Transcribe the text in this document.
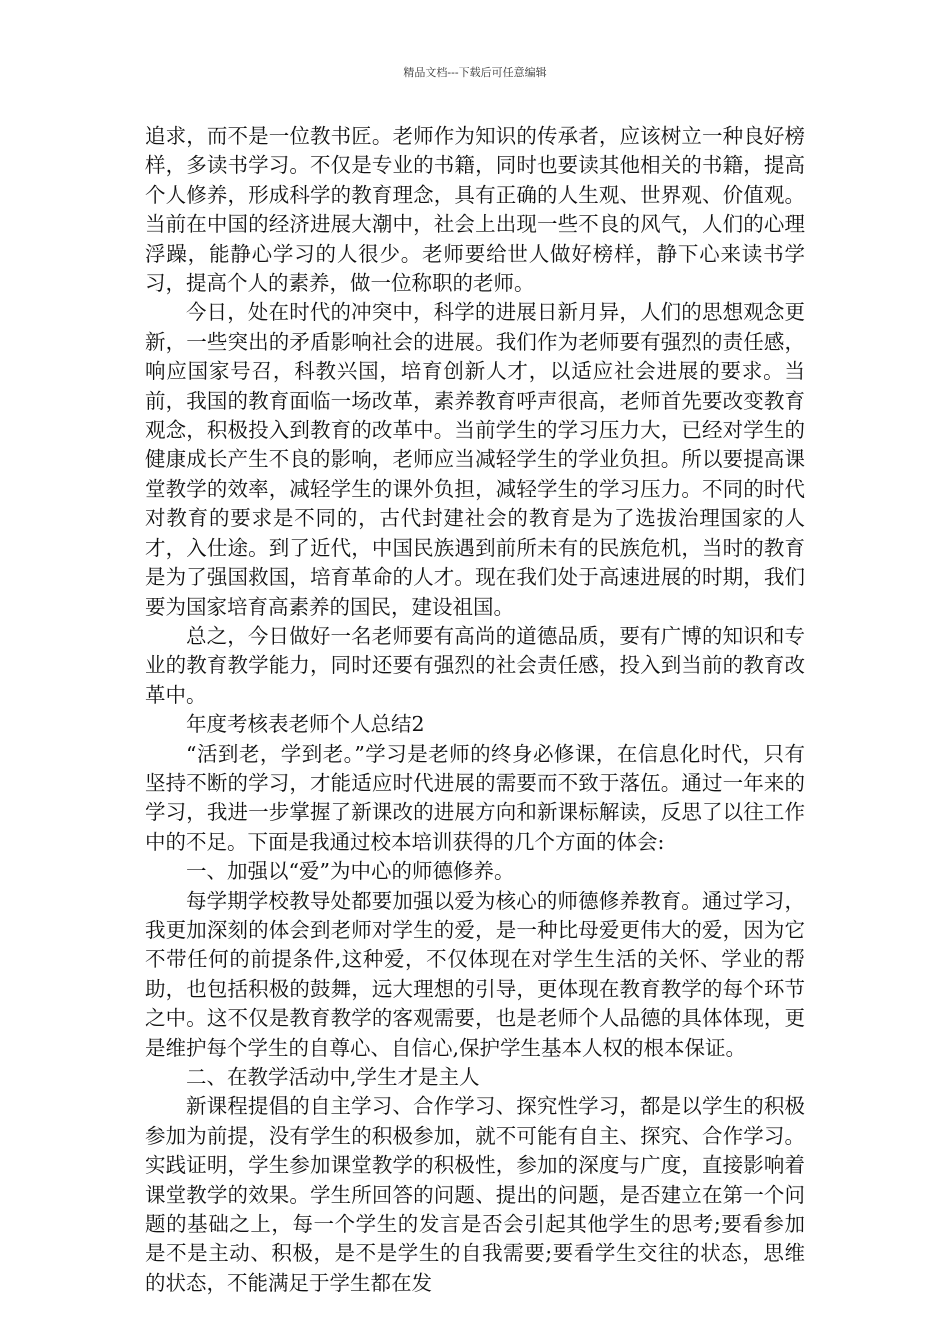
精品文档---下载后可任意编辑

追求，而不是一位教书匠。老师作为知识的传承者，应该树立一种良好榜样，多读书学习。不仅是专业的书籍，同时也要读其他相关的书籍，提高个人修养，形成科学的教育理念，具有正确的人生观、世界观、价值观。当前在中国的经济进展大潮中，社会上出现一些不良的风气，人们的心理浮躁，能静心学习的人很少。老师要给世人做好榜样，静下心来读书学习，提高个人的素养，做一位称职的老师。

今日，处在时代的冲突中，科学的进展日新月异，人们的思想观念更新，一些突出的矛盾影响社会的进展。我们作为老师要有强烈的责任感，响应国家号召，科教兴国，培育创新人才，以适应社会进展的要求。当前，我国的教育面临一场改革，素养教育呼声很高，老师首先要改变教育观念，积极投入到教育的改革中。当前学生的学习压力大，已经对学生的健康成长产生不良的影响，老师应当减轻学生的学业负担。所以要提高课堂教学的效率，减轻学生的课外负担，减轻学生的学习压力。不同的时代对教育的要求是不同的，古代封建社会的教育是为了选拔治理国家的人才，入仕途。到了近代，中国民族遇到前所未有的民族危机，当时的教育是为了强国救国，培育革命的人才。现在我们处于高速进展的时期，我们要为国家培育高素养的国民，建设祖国。

总之，今日做好一名老师要有高尚的道德品质，要有广博的知识和专业的教育教学能力，同时还要有强烈的社会责任感，投入到当前的教育改革中。

年度考核表老师个人总结2

“活到老，学到老。”学习是老师的终身必修课，在信息化时代，只有坚持不断的学习，才能适应时代进展的需要而不致于落伍。通过一年来的学习，我进一步掌握了新课改的进展方向和新课标解读，反思了以往工作中的不足。下面是我通过校本培训获得的几个方面的体会:

一、加强以“爱”为中心的师德修养。

每学期学校教导处都要加强以爱为核心的师德修养教育。通过学习，我更加深刻的体会到老师对学生的爱，是一种比母爱更伟大的爱，因为它不带任何的前提条件,这种爱，不仅体现在对学生生活的关怀、学业的帮助，也包括积极的鼓舞，远大理想的引导，更体现在教育教学的每个环节之中。这不仅是教育教学的客观需要，也是老师个人品德的具体体现，更是维护每个学生的自尊心、自信心,保护学生基本人权的根本保证。

二、在教学活动中,学生才是主人

新课程提倡的自主学习、合作学习、探究性学习，都是以学生的积极参加为前提，没有学生的积极参加，就不可能有自主、探究、合作学习。实践证明，学生参加课堂教学的积极性，参加的深度与广度，直接影响着课堂教学的效果。学生所回答的问题、提出的问题，是否建立在第一个问题的基础之上，每一个学生的发言是否会引起其他学生的思考;要看参加是不是主动、积极，是不是学生的自我需要;要看学生交往的状态，思维的状态，不能满足于学生都在发
